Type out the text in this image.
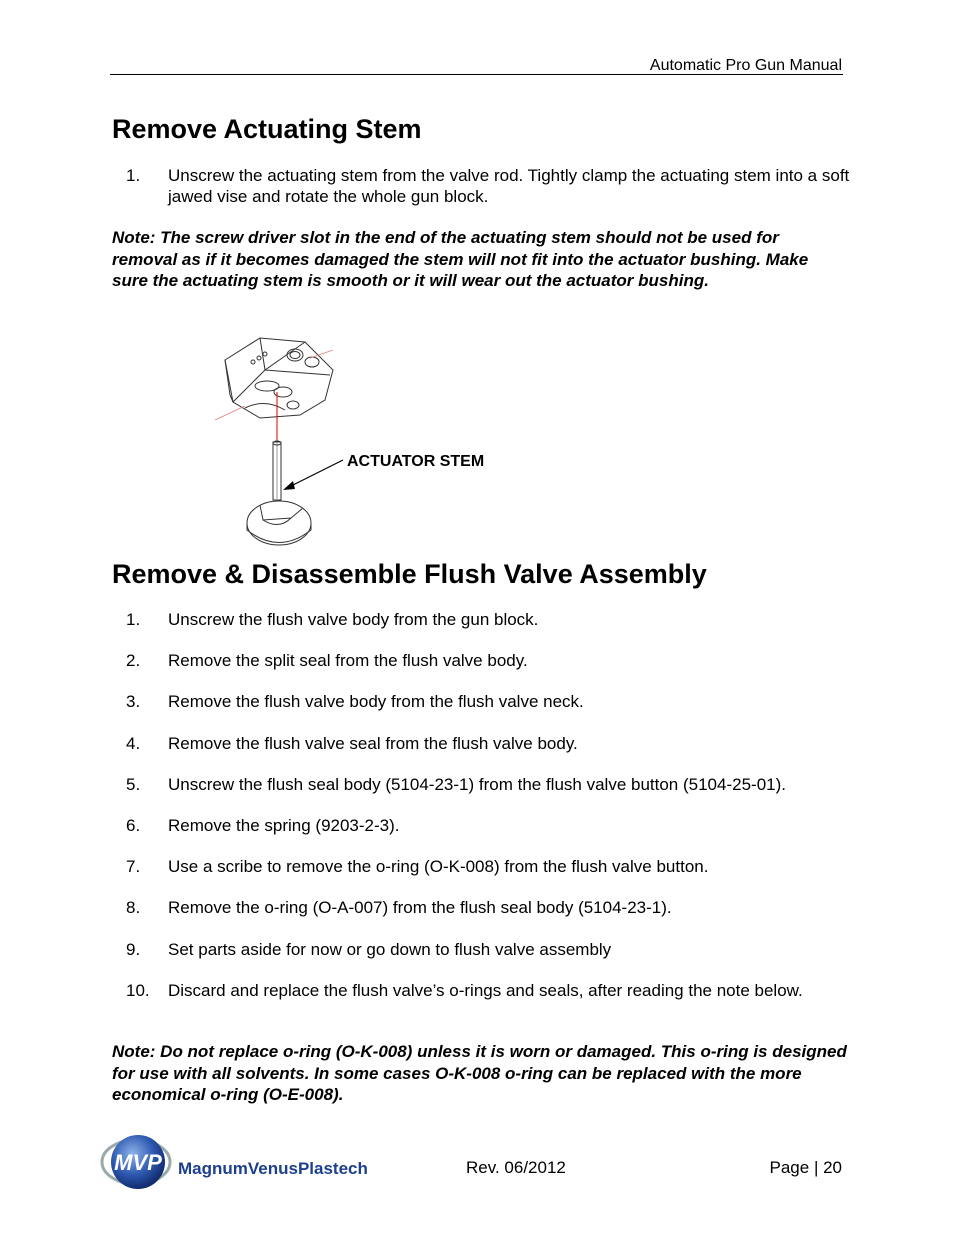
Automatic Pro Gun Manual
Remove Actuating Stem
1. Unscrew the actuating stem from the valve rod. Tightly clamp the actuating stem into a soft jawed vise and rotate the whole gun block.
Note: The screw driver slot in the end of the actuating stem should not be used for removal as if it becomes damaged the stem will not fit into the actuator bushing. Make sure the actuating stem is smooth or it will wear out the actuator bushing.
ACTUATOR STEM
Remove & Disassemble Flush Valve Assembly
1. Unscrew the flush valve body from the gun block.
2. Remove the split seal from the flush valve body.
3. Remove the flush valve body from the flush valve neck.
4. Remove the flush valve seal from the flush valve body.
5. Unscrew the flush seal body (5104-23-1) from the flush valve button (5104-25-01).
6. Remove the spring (9203-2-3).
7. Use a scribe to remove the o-ring (O-K-008) from the flush valve button.
8. Remove the o-ring (O-A-007) from the flush seal body (5104-23-1).
9. Set parts aside for now or go down to flush valve assembly
10. Discard and replace the flush valve’s o-rings and seals, after reading the note below.
Note: Do not replace o-ring (O-K-008) unless it is worn or damaged. This o-ring is designed for use with all solvents. In some cases O-K-008 o-ring can be replaced with the more economical o-ring (O-E-008).
MVP MagnumVenusPlastech	Rev. 06/2012	Page | 20
